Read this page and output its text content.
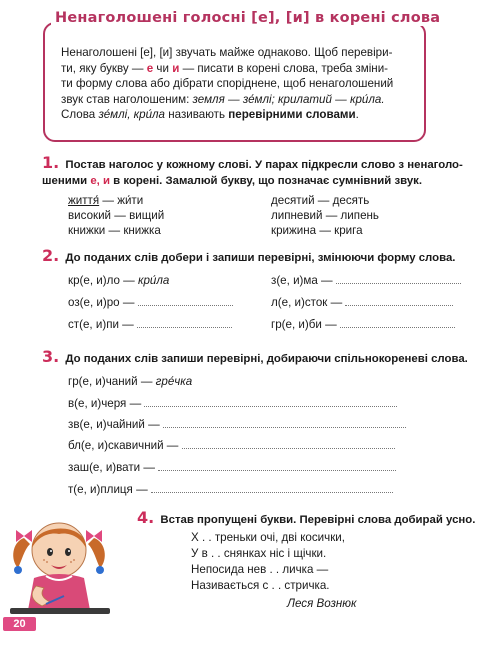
Ненаголошені голосні [е], [и] в корені слова
Ненаголошені [е], [и] звучать майже однаково. Щоб перевіри-
ти, яку букву — е чи и — писати в корені слова, треба зміни-
ти форму слова або дібрати споріднене, щоб ненаголошений
звук став наголошеним: земля — зе́млі; крилатий — кри́ла.
Слова зе́млі, кри́ла називають перевірними словами.
1. Постав наголос у кожному слові. У парах підкресли слово з ненаголо-
шеними е, и в корені. Замалюй букву, що позначає сумнівний звук.
життя́ — жи́ти
високий — вищий
книжки — книжка
десятий — десять
липневий — липень
крижина — крига
2. До поданих слів добери і запиши перевірні, змінюючи форму слова.
кр(е, и)ло — кри́ла
оз(е, и)ро —
ст(е, и)пи —
з(е, и)ма —
л(е, и)сток —
гр(е, и)би —
3. До поданих слів запиши перевірні, добираючи спільнокореневі слова.
гр(е, и)чаний — гре́чка
в(е, и)черя —
зв(е, и)чайний —
бл(е, и)скавичний —
заш(е, и)вати —
т(е, и)плиця —
4. Встав пропущені букви. Перевірні слова добирай усно.
Х . . треньки очі, дві косички,
У в . . снянках ніс і щічки.
Непосида нев . . личка —
Називається с . . стричка.
Леся Вознюк
20
